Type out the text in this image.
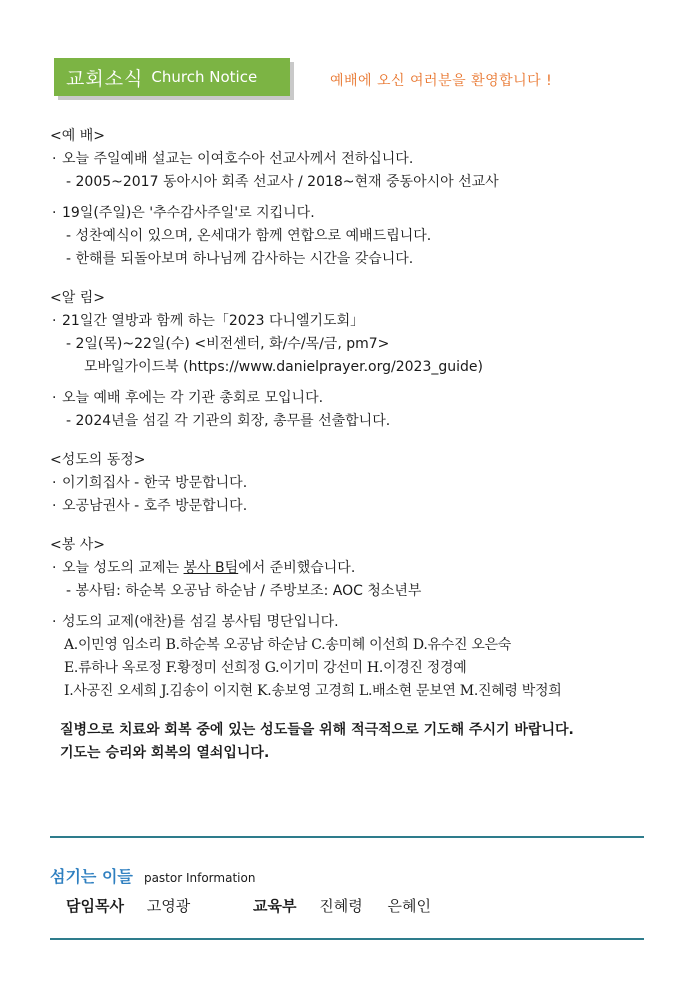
교회소식 Church Notice	예배에 오신 여러분을 환영합니다 !
<예 배>
· 오늘 주일예배 설교는 이여호수아 선교사께서 전하십니다.
- 2005~2017 동아시아 회족 선교사 / 2018~현재 중동아시아 선교사
· 19일(주일)은 '추수감사주일'로 지킵니다.
- 성찬예식이 있으며, 온세대가 함께 연합으로 예배드립니다.
- 한해를 되돌아보며 하나님께 감사하는 시간을 갖습니다.
<알 림>
· 21일간 열방과 함께 하는「2023 다니엘기도회」
- 2일(목)~22일(수) <비전센터, 화/수/목/금, pm7>
모바일가이드북 (https://www.danielprayer.org/2023_guide)
· 오늘 예배 후에는 각 기관 총회로 모입니다.
- 2024년을 섬길 각 기관의 회장, 총무를 선출합니다.
<성도의 동정>
· 이기희집사 - 한국 방문합니다.
· 오공남권사 - 호주 방문합니다.
<봉 사>
· 오늘 성도의 교제는 봉사 B팀에서 준비했습니다.
- 봉사팀: 하순복 오공남 하순남 / 주방보조: AOC 청소년부
· 성도의 교제(애찬)를 섬길 봉사팀 명단입니다.
A.이민영 임소리 B.하순복 오공남 하순남 C.송미혜 이선희 D.유수진 오은숙
E.류하나 옥로정 F.황정미 선희정 G.이기미 강선미 H.이경진 정경예
I.사공진 오세희 J.김송이 이지현 K.송보영 고경희 L.배소현 문보연 M.진혜령 박정희
질병으로 치료와 회복 중에 있는 성도들을 위해 적극적으로 기도해 주시기 바랍니다.
기도는 승리와 회복의 열쇠입니다.
섬기는 이들 pastor Information
담임목사 고영광	교육부 진혜령 은혜인
